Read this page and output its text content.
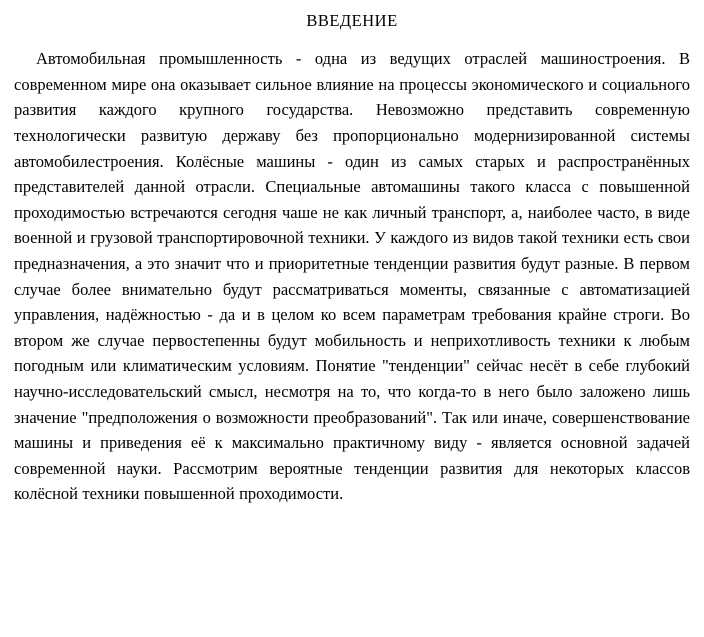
ВВЕДЕНИЕ

Автомобильная промышленность - одна из ведущих отраслей машиностроения. В современном мире она оказывает сильное влияние на процессы экономического и социального развития каждого крупного государства. Невозможно представить современную технологически развитую державу без пропорционально модернизированной системы автомобилестроения. Колёсные машины - один из самых старых и распространённых представителей данной отрасли. Специальные автомашины такого класса с повышенной проходимостью встречаются сегодня чаше не как личный транспорт, а, наиболее часто, в виде военной и грузовой транспортировочной техники. У каждого из видов такой техники есть свои предназначения, а это значит что и приоритетные тенденции развития будут разные. В первом случае более внимательно будут рассматриваться моменты, связанные с автоматизацией управления, надёжностью - да и в целом ко всем параметрам требования крайне строги. Во втором же случае первостепенны будут мобильность и неприхотливость техники к любым погодным или климатическим условиям. Понятие "тенденции" сейчас несёт в себе глубокий научно-исследовательский смысл, несмотря на то, что когда-то в него было заложено лишь значение "предположения о возможности преобразований". Так или иначе, совершенствование машины и приведения её к максимально практичному виду - является основной задачей современной науки. Рассмотрим вероятные тенденции развития для некоторых классов колёсной техники повышенной проходимости.
